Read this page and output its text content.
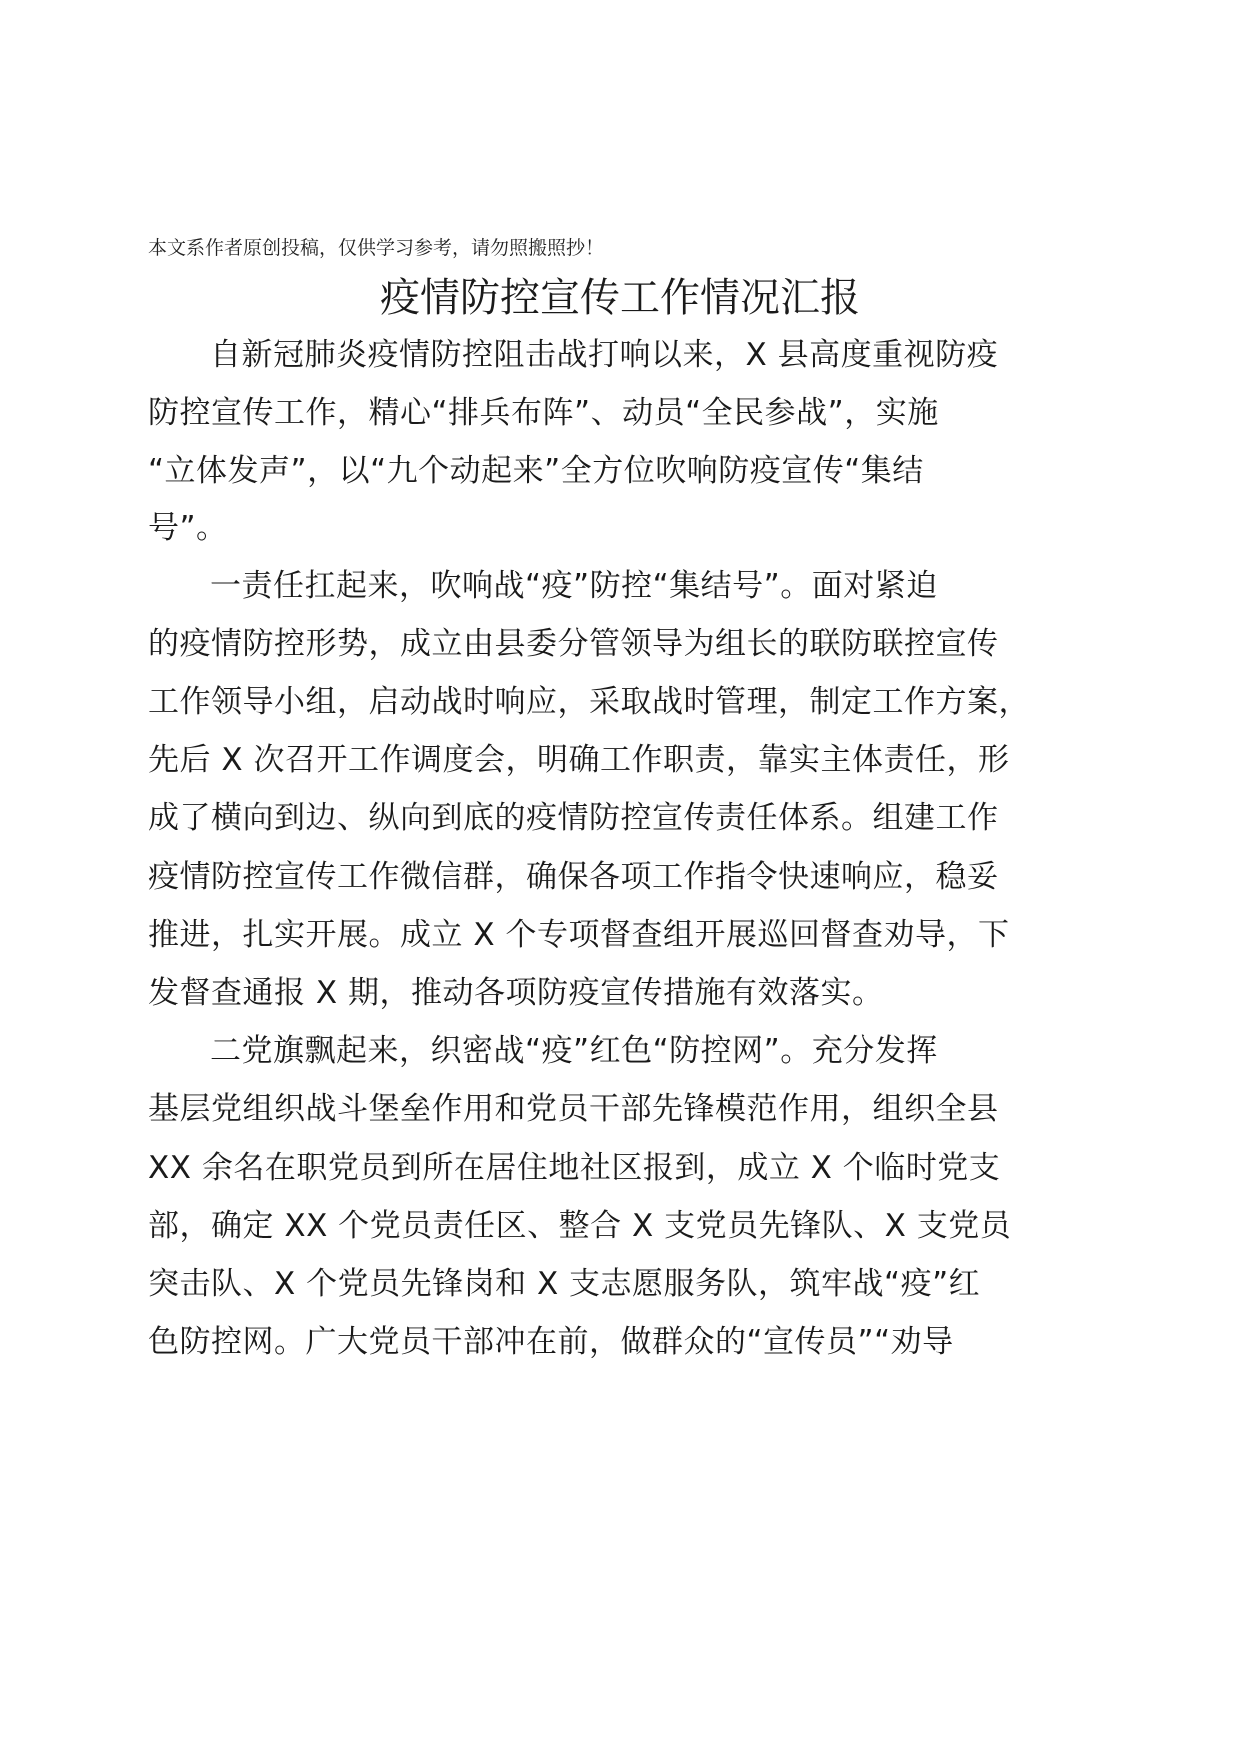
本文系作者原创投稿，仅供学习参考，请勿照搬照抄！
疫情防控宣传工作情况汇报
自新冠肺炎疫情防控阻击战打响以来，X 县高度重视防疫
防控宣传工作，精心“排兵布阵”、动员“全民参战”，实施
“立体发声”，以“九个动起来”全方位吹响防疫宣传“集结
号”。
一责任扛起来，吹响战“疫”防控“集结号”。面对紧迫
的疫情防控形势，成立由县委分管领导为组长的联防联控宣传
工作领导小组，启动战时响应，采取战时管理，制定工作方案，
先后 X 次召开工作调度会，明确工作职责，靠实主体责任，形
成了横向到边、纵向到底的疫情防控宣传责任体系。组建工作
疫情防控宣传工作微信群，确保各项工作指令快速响应，稳妥
推进，扎实开展。成立 X 个专项督查组开展巡回督查劝导，下
发督查通报 X 期，推动各项防疫宣传措施有效落实。
二党旗飘起来，织密战“疫”红色“防控网”。充分发挥
基层党组织战斗堡垒作用和党员干部先锋模范作用，组织全县
XX 余名在职党员到所在居住地社区报到，成立 X 个临时党支
部，确定 XX 个党员责任区、整合 X 支党员先锋队、X 支党员
突击队、X 个党员先锋岗和 X 支志愿服务队，筑牢战“疫”红
色防控网。广大党员干部冲在前，做群众的“宣传员”“劝导
